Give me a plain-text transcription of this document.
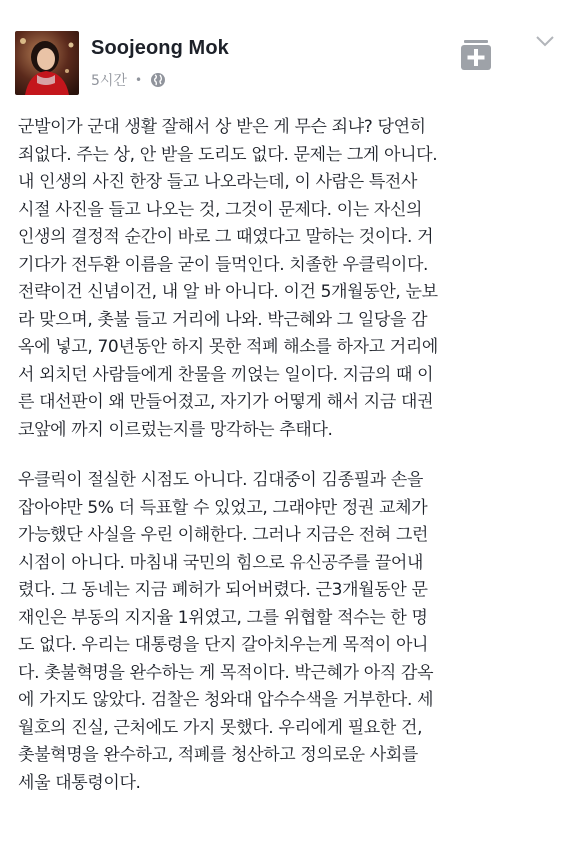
Soojeong Mok
5시간 •
군발이가 군대 생활 잘해서 상 받은 게 무슨 죄냐? 당연히
죄없다. 주는 상, 안 받을 도리도 없다. 문제는 그게 아니다.
내 인생의 사진 한장 들고 나오라는데, 이 사람은 특전사
시절 사진을 들고 나오는 것, 그것이 문제다. 이는 자신의
인생의 결정적 순간이 바로 그 때였다고 말하는 것이다. 거
기다가 전두환 이름을 굳이 들먹인다. 치졸한 우클릭이다.
전략이건 신념이건, 내 알 바 아니다. 이건 5개월동안, 눈보
라 맞으며, 촛불 들고 거리에 나와. 박근혜와 그 일당을 감
옥에 넣고, 70년동안 하지 못한 적폐 해소를 하자고 거리에
서 외치던 사람들에게 찬물을 끼얹는 일이다. 지금의 때 이
른 대선판이 왜 만들어졌고, 자기가 어떻게 해서 지금 대권
코앞에 까지 이르렀는지를 망각하는 추태다.
우클릭이 절실한 시점도 아니다. 김대중이 김종필과 손을
잡아야만 5% 더 득표할 수 있었고, 그래야만 정권 교체가
가능했단 사실을 우린 이해한다. 그러나 지금은 전혀 그런
시점이 아니다. 마침내 국민의 힘으로 유신공주를 끌어내
렸다. 그 동네는 지금 폐허가 되어버렸다. 근3개월동안 문
재인은 부동의 지지율 1위였고, 그를 위협할 적수는 한 명
도 없다. 우리는 대통령을 단지 갈아치우는게 목적이 아니
다. 촛불혁명을 완수하는 게 목적이다. 박근혜가 아직 감옥
에 가지도 않았다. 검찰은 청와대 압수수색을 거부한다. 세
월호의 진실, 근처에도 가지 못했다. 우리에게 필요한 건,
촛불혁명을 완수하고, 적폐를 청산하고 정의로운 사회를
세울 대통령이다.
